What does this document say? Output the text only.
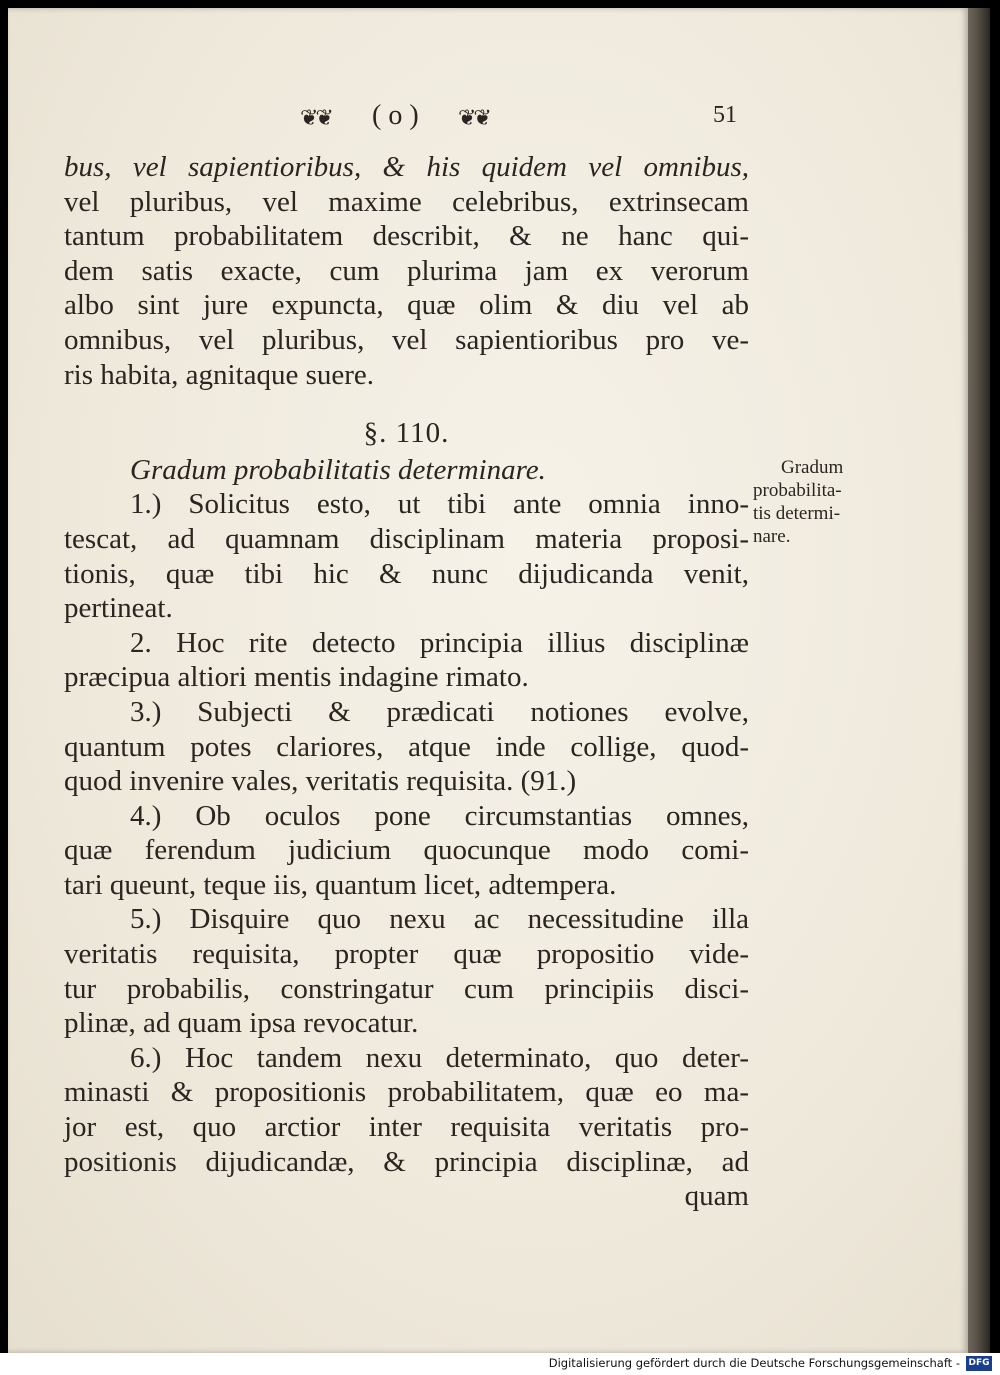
❦❦ ( o ) ❦❦	51
bus, vel sapientioribus, & his quidem vel omnibus,
vel pluribus, vel maxime celebribus, extrinsecam
tantum probabilitatem describit, & ne hanc qui-
dem satis exacte, cum plurima jam ex verorum
albo sint jure expuncta, quæ olim & diu vel ab
omnibus, vel pluribus, vel sapientioribus pro ve-
ris habita, agnitaque suere.
§. 110.
Gradum probabilitatis determinare.
1.) Solicitus esto, ut tibi ante omnia inno-
tescat, ad quamnam disciplinam materia proposi-
tionis, quæ tibi hic & nunc dijudicanda venit,
pertineat.
2. Hoc rite detecto principia illius disciplinæ
præcipua altiori mentis indagine rimato.
3.) Subjecti & prædicati notiones evolve,
quantum potes clariores, atque inde collige, quod-
quod invenire vales, veritatis requisita. (91.)
4.) Ob oculos pone circumstantias omnes,
quæ ferendum judicium quocunque modo comi-
tari queunt, teque iis, quantum licet, adtempera.
5.) Disquire quo nexu ac necessitudine illa
veritatis requisita, propter quæ propositio vide-
tur probabilis, constringatur cum principiis disci-
plinæ, ad quam ipsa revocatur.
6.) Hoc tandem nexu determinato, quo deter-
minasti & propositionis probabilitatem, quæ eo ma-
jor est, quo arctior inter requisita veritatis pro-
positionis dijudicandæ, & principia disciplinæ, ad
quam
Gradum
probabilita-
tis determi-
nare.
Digitalisierung gefördert durch die Deutsche Forschungsgemeinschaft - DFG
